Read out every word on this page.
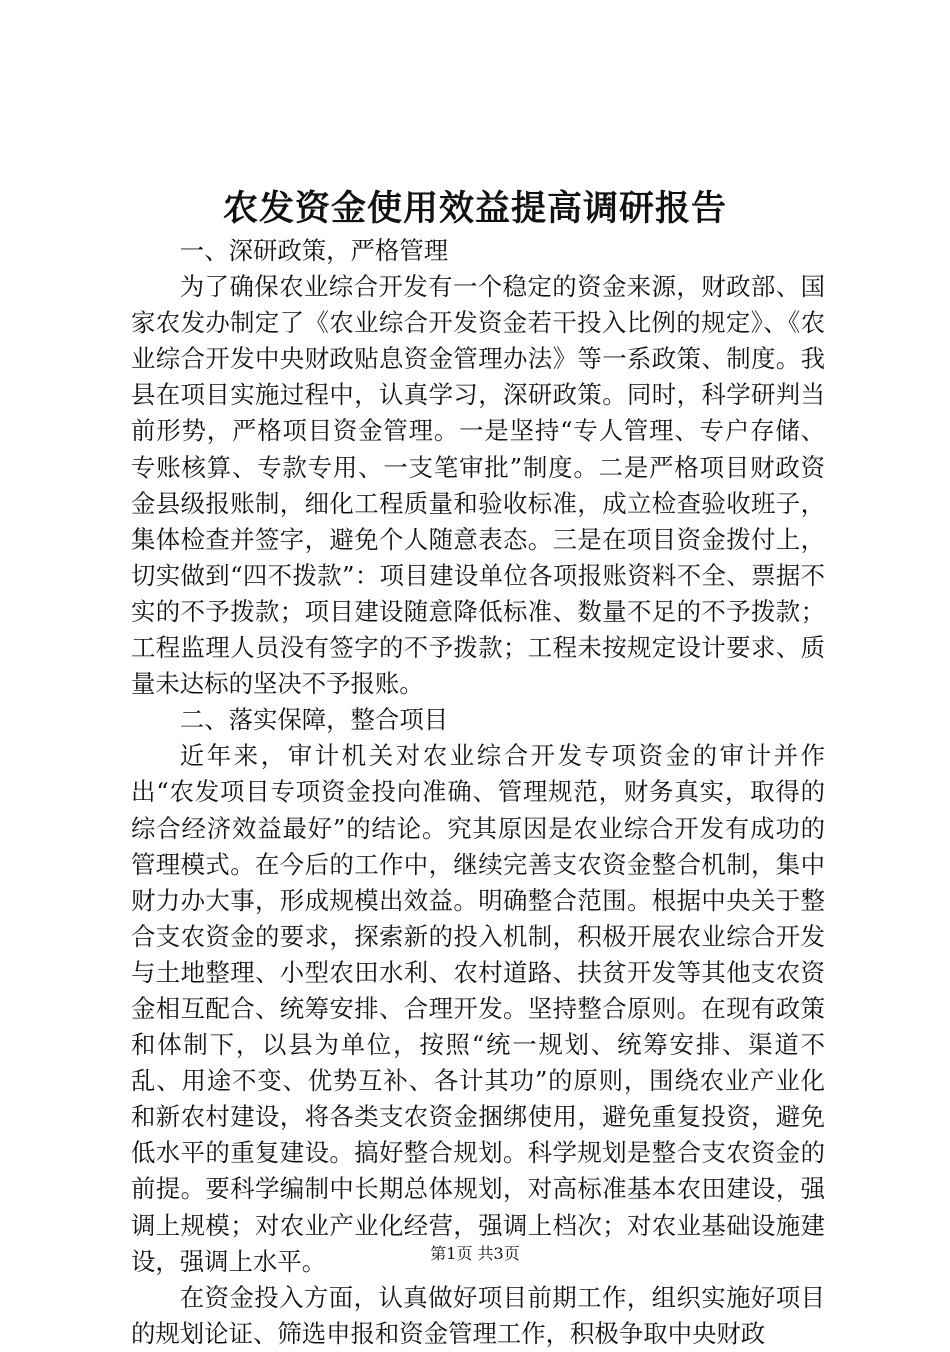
农发资金使用效益提高调研报告

一、深研政策，严格管理

为了确保农业综合开发有一个稳定的资金来源，财政部、国家农发办制定了《农业综合开发资金若干投入比例的规定》、《农业综合开发中央财政贴息资金管理办法》等一系政策、制度。我县在项目实施过程中，认真学习，深研政策。同时，科学研判当前形势，严格项目资金管理。一是坚持“专人管理、专户存储、专账核算、专款专用、一支笔审批”制度。二是严格项目财政资金县级报账制，细化工程质量和验收标准，成立检查验收班子，集体检查并签字，避免个人随意表态。三是在项目资金拨付上，切实做到“四不拨款”：项目建设单位各项报账资料不全、票据不实的不予拨款；项目建设随意降低标准、数量不足的不予拨款；工程监理人员没有签字的不予拨款；工程未按规定设计要求、质量未达标的坚决不予报账。

二、落实保障，整合项目

近年来，审计机关对农业综合开发专项资金的审计并作出“农发项目专项资金投向准确、管理规范，财务真实，取得的综合经济效益最好”的结论。究其原因是农业综合开发有成功的管理模式。在今后的工作中，继续完善支农资金整合机制，集中财力办大事，形成规模出效益。明确整合范围。根据中央关于整合支农资金的要求，探索新的投入机制，积极开展农业综合开发与土地整理、小型农田水利、农村道路、扶贫开发等其他支农资金相互配合、统筹安排、合理开发。坚持整合原则。在现有政策和体制下，以县为单位，按照“统一规划、统筹安排、渠道不乱、用途不变、优势互补、各计其功”的原则，围绕农业产业化和新农村建设，将各类支农资金捆绑使用，避免重复投资，避免低水平的重复建设。搞好整合规划。科学规划是整合支农资金的前提。要科学编制中长期总体规划，对高标准基本农田建设，强调上规模；对农业产业化经营，强调上档次；对农业基础设施建设，强调上水平。

在资金投入方面，认真做好项目前期工作，组织实施好项目的规划论证、筛选申报和资金管理工作，积极争取中央财政

第1页 共3页
